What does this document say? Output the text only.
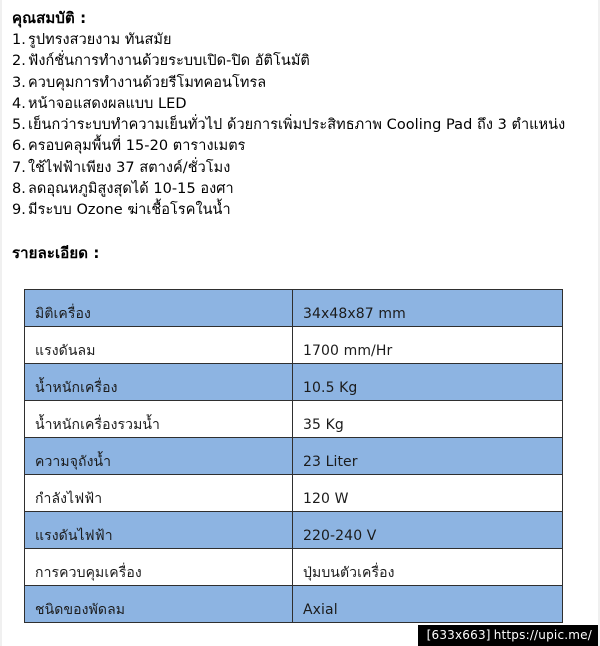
คุณสมบัติ :
1. รูปทรงสวยงาม ทันสมัย
2. ฟังก์ชั่นการทำงานด้วยระบบเปิด-ปิด อัติโนมัติ
3. ควบคุมการทำงานด้วยรีโมทคอนโทรล
4. หน้าจอแสดงผลแบบ LED
5. เย็นกว่าระบบทำความเย็นทั่วไป ด้วยการเพิ่มประสิทธภาพ Cooling Pad ถึง 3 ตำแหน่ง
6. ครอบคลุมพื้นที่ 15-20 ตารางเมตร
7. ใช้ไฟฟ้าเพียง 37 สตางค์/ชั่วโมง
8. ลดอุณหภูมิสูงสุดได้ 10-15 องศา
9. มีระบบ Ozone ฆ่าเชื้อโรคในน้ำ
รายละเอียด :
มิติเครื่อง	34x48x87 mm
แรงดันลม	1700 mm/Hr
น้ำหนักเครื่อง	10.5 Kg
น้ำหนักเครื่องรวมน้ำ	35 Kg
ความจุถังน้ำ	23 Liter
กำลังไฟฟ้า	120 W
แรงดันไฟฟ้า	220-240 V
การควบคุมเครื่อง	ปุ่มบนตัวเครื่อง
ชนิดของพัดลม	Axial
[633x663] https://upic.me/
